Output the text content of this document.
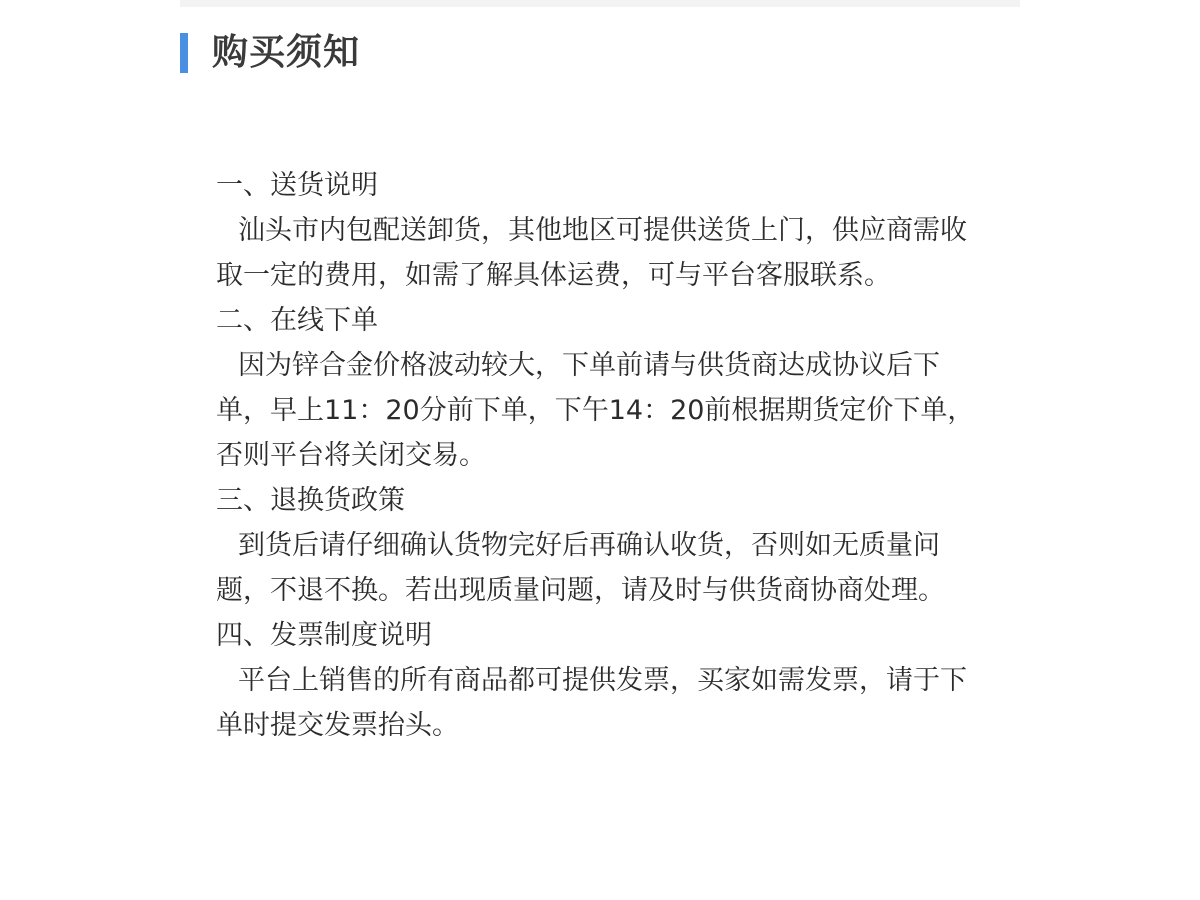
购买须知

一、送货说明

汕头市内包配送卸货，其他地区可提供送货上门，供应商需收取一定的费用，如需了解具体运费，可与平台客服联系。

二、在线下单

因为锌合金价格波动较大，下单前请与供货商达成协议后下单，早上11：20分前下单，下午14：20前根据期货定价下单，否则平台将关闭交易。

三、退换货政策

到货后请仔细确认货物完好后再确认收货，否则如无质量问题，不退不换。若出现质量问题，请及时与供货商协商处理。

四、发票制度说明

平台上销售的所有商品都可提供发票，买家如需发票，请于下单时提交发票抬头。
